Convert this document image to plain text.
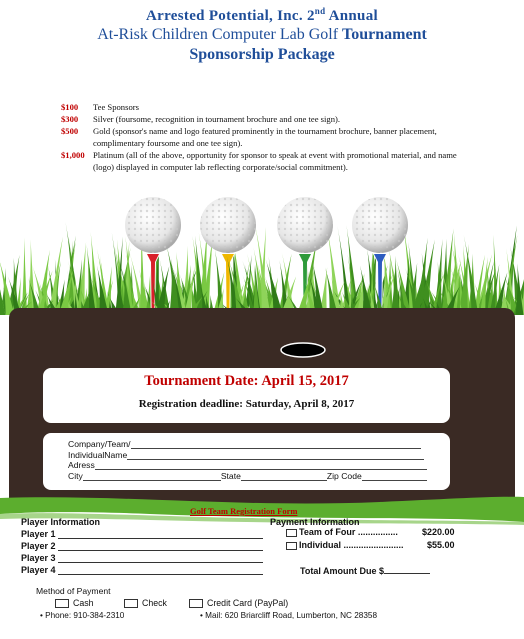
Arrested Potential, Inc. 2nd Annual
At-Risk Children Computer Lab Golf Tournament
Sponsorship Package
$100	Tee Sponsors
$300	Silver (foursome, recognition in tournament brochure and one tee sign).
$500	Gold (sponsor's name and logo featured prominently in the tournament brochure, banner placement, complimentary foursome and one tee sign).
$1,000 Platinum (all of the above, opportunity for sponsor to speak at event with promotional material, and name (logo) displayed in computer lab reflecting corporate/social commitment).
Tournament Date: April 15, 2017
Registration deadline: Saturday, April 8, 2017
Company/Team/
IndividualName
Adress
City	State	Zip Code
Golf Team Registration Form
Player Information	Payment Information
Player 1
Player 2
Player 3
Player 4
Team of Four ................	$220.00
Individual ........................	$55.00
Total Amount Due $
Method of Payment
Cash	Check	Credit Card (PayPal)
• Phone: 910-384-2310	• Mail: 620 Briarcliff Road, Lumberton, NC 28358
